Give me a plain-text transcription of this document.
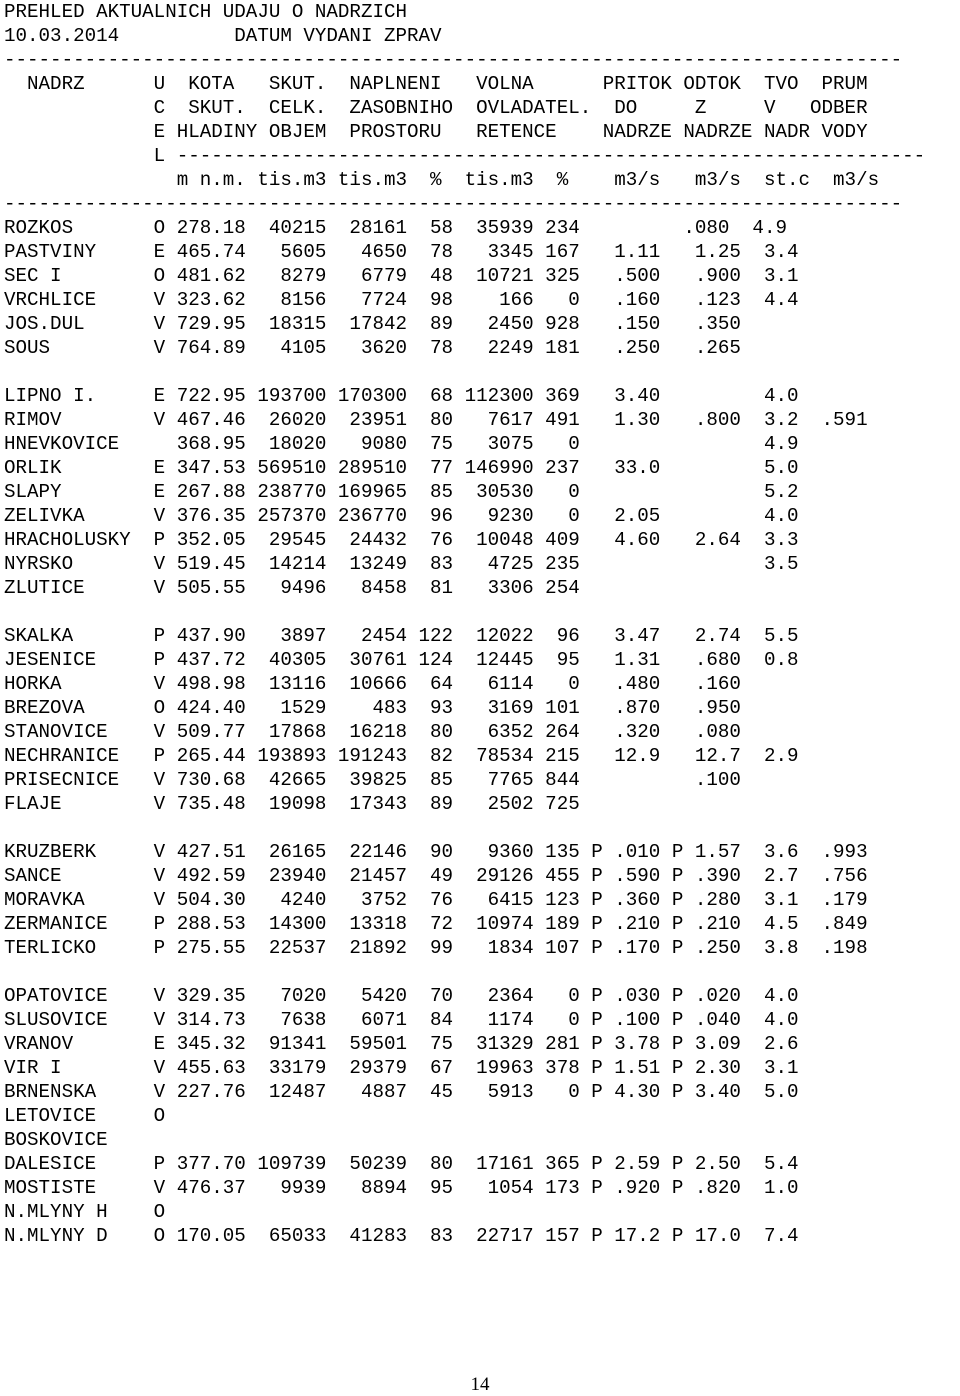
PREHLED AKTUALNICH UDAJU O NADRZICH
10.03.2014          DATUM VYDANI ZPRAV
------------------------------------------------------------------------------
NADRZ      U  KOTA   SKUT.  NAPLNENI   VOLNA      PRITOK ODTOK  TVO  PRUM
C  SKUT.  CELK.  ZASOBNIHO  OVLADATEL.  DO     Z     V   ODBER
E HLADINY OBJEM  PROSTORU   RETENCE    NADRZE NADRZE NADR VODY
L -----------------------------------------------------------------
m n.m. tis.m3 tis.m3  %  tis.m3  %    m3/s   m3/s  st.c  m3/s
------------------------------------------------------------------------------
ROZKOS       O 278.18  40215  28161  58  35939 234         .080  4.9
PASTVINY     E 465.74   5605   4650  78   3345 167   1.11   1.25  3.4
SEC I        O 481.62   8279   6779  48  10721 325   .500   .900  3.1
VRCHLICE     V 323.62   8156   7724  98    166   0   .160   .123  4.4
JOS.DUL      V 729.95  18315  17842  89   2450 928   .150   .350
SOUS         V 764.89   4105   3620  78   2249 181   .250   .265
LIPNO I.     E 722.95 193700 170300  68 112300 369   3.40         4.0
RIMOV        V 467.46  26020  23951  80   7617 491   1.30   .800  3.2  .591
HNEVKOVICE     368.95  18020   9080  75   3075   0                4.9
ORLIK        E 347.53 569510 289510  77 146990 237   33.0         5.0
SLAPY        E 267.88 238770 169965  85  30530   0                5.2
ZELIVKA      V 376.35 257370 236770  96   9230   0   2.05         4.0
HRACHOLUSKY  P 352.05  29545  24432  76  10048 409   4.60   2.64  3.3
NYRSKO       V 519.45  14214  13249  83   4725 235                3.5
ZLUTICE      V 505.55   9496   8458  81   3306 254
SKALKA       P 437.90   3897   2454 122  12022  96   3.47   2.74  5.5
JESENICE     P 437.72  40305  30761 124  12445  95   1.31   .680  0.8
HORKA        V 498.98  13116  10666  64   6114   0   .480   .160
BREZOVA      O 424.40   1529    483  93   3169 101   .870   .950
STANOVICE    V 509.77  17868  16218  80   6352 264   .320   .080
NECHRANICE   P 265.44 193893 191243  82  78534 215   12.9   12.7  2.9
PRISECNICE   V 730.68  42665  39825  85   7765 844          .100
FLAJE        V 735.48  19098  17343  89   2502 725
KRUZBERK     V 427.51  26165  22146  90   9360 135 P .010 P 1.57  3.6  .993
SANCE        V 492.59  23940  21457  49  29126 455 P .590 P .390  2.7  .756
MORAVKA      V 504.30   4240   3752  76   6415 123 P .360 P .280  3.1  .179
ZERMANICE    P 288.53  14300  13318  72  10974 189 P .210 P .210  4.5  .849
TERLICKO     P 275.55  22537  21892  99   1834 107 P .170 P .250  3.8  .198
OPATOVICE    V 329.35   7020   5420  70   2364   0 P .030 P .020  4.0
SLUSOVICE    V 314.73   7638   6071  84   1174   0 P .100 P .040  4.0
VRANOV       E 345.32  91341  59501  75  31329 281 P 3.78 P 3.09  2.6
VIR I        V 455.63  33179  29379  67  19963 378 P 1.51 P 2.30  3.1
BRNENSKA     V 227.76  12487   4887  45   5913   0 P 4.30 P 3.40  5.0
LETOVICE     O
BOSKOVICE
DALESICE     P 377.70 109739  50239  80  17161 365 P 2.59 P 2.50  5.4
MOSTISTE     V 476.37   9939   8894  95   1054 173 P .920 P .820  1.0
N.MLYNY H    O
N.MLYNY D    O 170.05  65033  41283  83  22717 157 P 17.2 P 17.0  7.4
14
